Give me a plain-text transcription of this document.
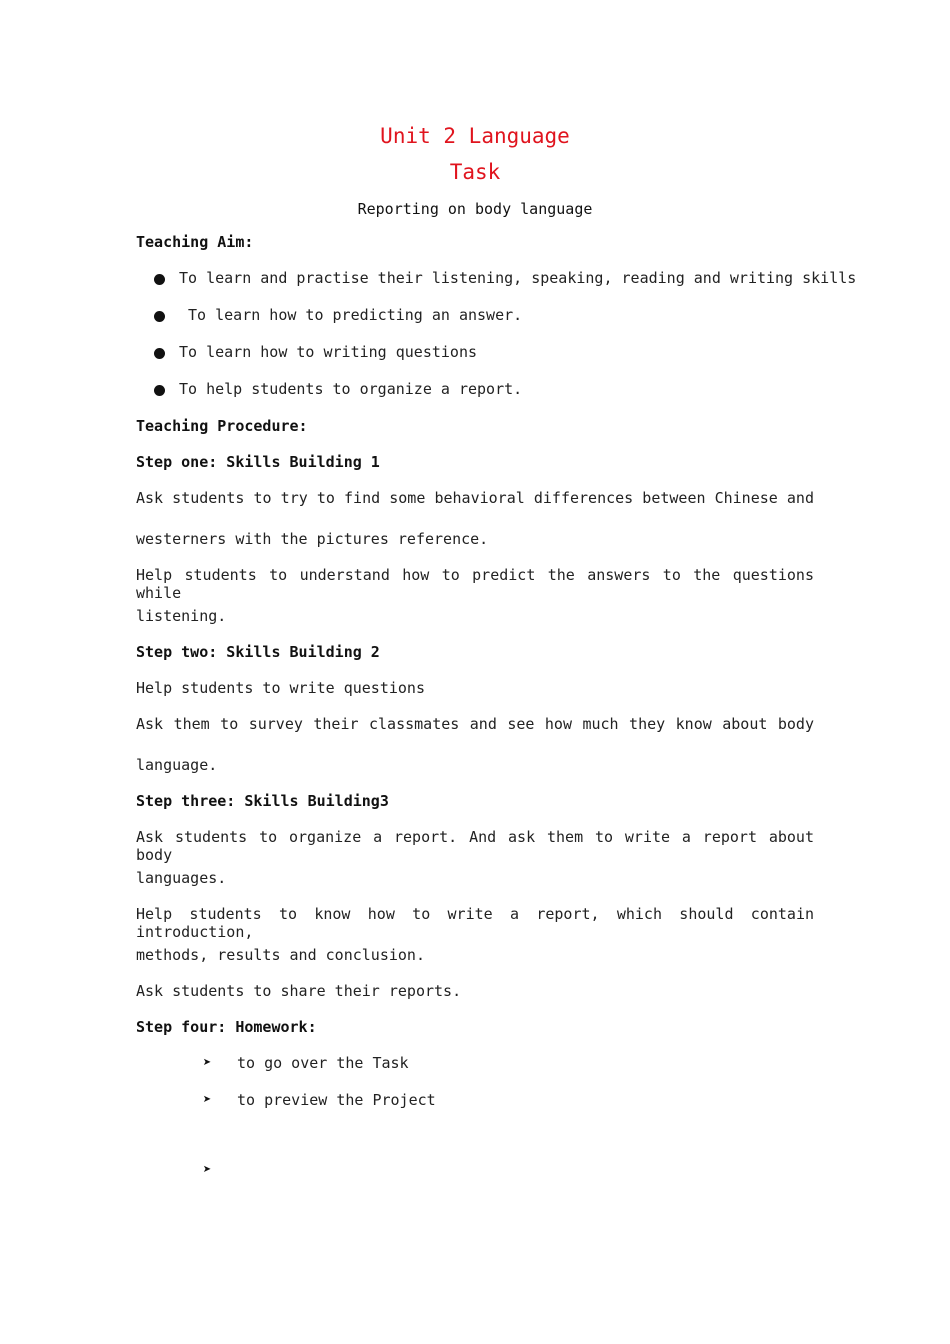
Unit 2 Language
Task
Reporting on body language
Teaching Aim:
To learn and practise their listening, speaking, reading and writing skills
To learn how to predicting an answer.
To learn how to writing questions
To help students to organize a report.
Teaching Procedure:
Step one: Skills Building 1
Ask students to try to find some behavioral differences between Chinese and
westerners with the pictures reference.
Help students to understand how to predict the answers to the questions while
listening.
Step two: Skills Building 2
Help students to write questions
Ask them to survey their classmates and see how much they know about body
language.
Step three: Skills Building3
Ask students to organize a report. And ask them to write a report about body
languages.
Help students to know how to write a report, which should contain introduction,
methods, results and conclusion.
Ask students to share their reports.
Step four: Homework:
➤ to go over the Task
➤ to preview the Project
➤
